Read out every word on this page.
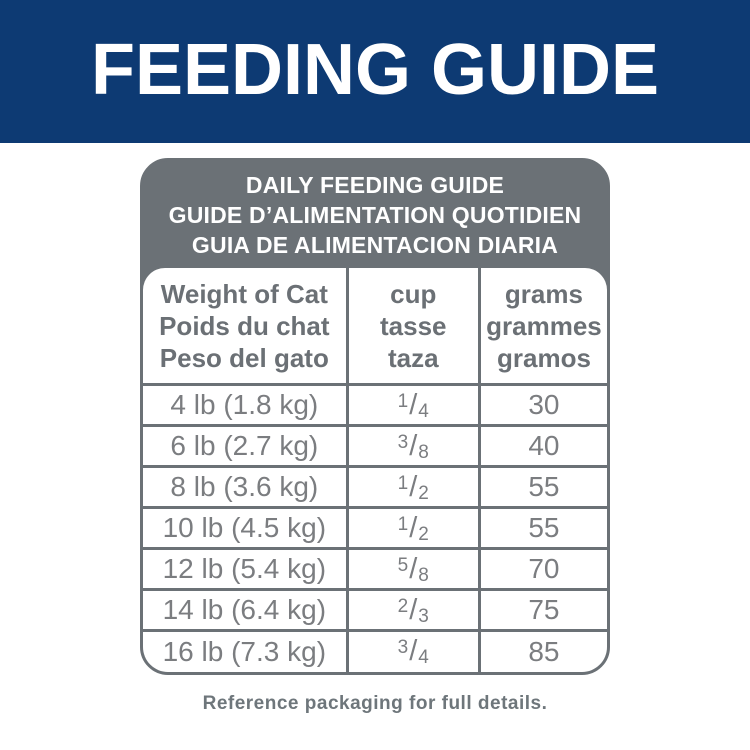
FEEDING GUIDE
DAILY FEEDING GUIDE
GUIDE D’ALIMENTATION QUOTIDIEN
GUIA DE ALIMENTACION DIARIA
Weight of Cat
Poids du chat
Peso del gato

cup
tasse
taza

grams
grammes
gramos

4 lb (1.8 kg)	$^1/_4$	30
6 lb (2.7 kg)	$^3/_8$	40
8 lb (3.6 kg)	$^1/_2$	55
10 lb (4.5 kg)	$^1/_2$	55
12 lb (5.4 kg)	$^5/_8$	70
14 lb (6.4 kg)	$^2/_3$	75
16 lb (7.3 kg)	$^3/_4$	85
Reference packaging for full details.
